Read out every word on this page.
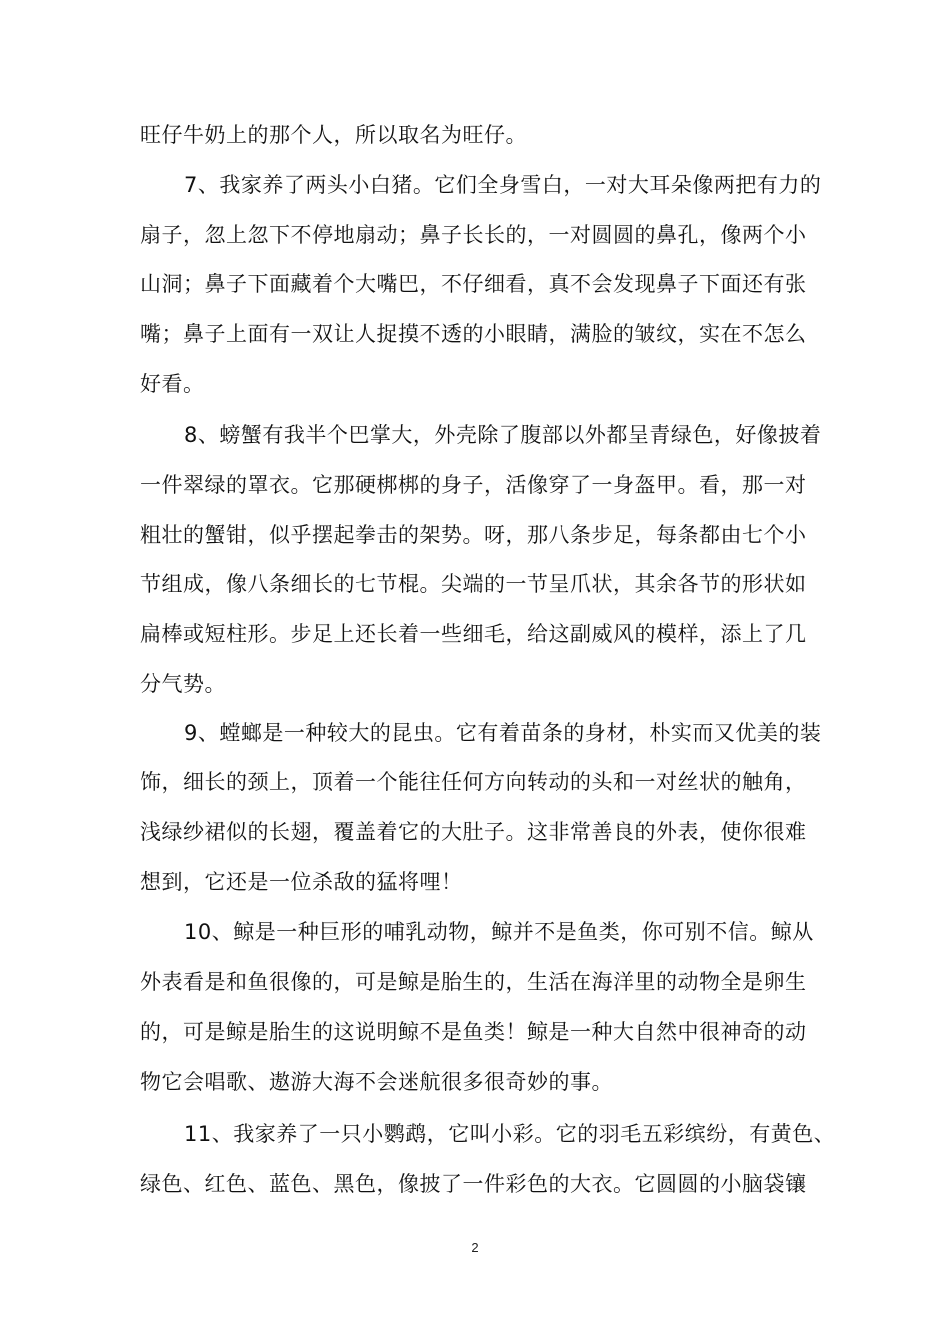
旺仔牛奶上的那个人，所以取名为旺仔。
7、我家养了两头小白猪。它们全身雪白，一对大耳朵像两把有力的
扇子，忽上忽下不停地扇动；鼻子长长的，一对圆圆的鼻孔，像两个小
山洞；鼻子下面藏着个大嘴巴，不仔细看，真不会发现鼻子下面还有张
嘴；鼻子上面有一双让人捉摸不透的小眼睛，满脸的皱纹，实在不怎么
好看。
8、螃蟹有我半个巴掌大，外壳除了腹部以外都呈青绿色，好像披着
一件翠绿的罩衣。它那硬梆梆的身子，活像穿了一身盔甲。看，那一对
粗壮的蟹钳，似乎摆起拳击的架势。呀，那八条步足，每条都由七个小
节组成，像八条细长的七节棍。尖端的一节呈爪状，其余各节的形状如
扁棒或短柱形。步足上还长着一些细毛，给这副威风的模样，添上了几
分气势。
9、螳螂是一种较大的昆虫。它有着苗条的身材，朴实而又优美的装
饰，细长的颈上，顶着一个能往任何方向转动的头和一对丝状的触角，
浅绿纱裙似的长翅，覆盖着它的大肚子。这非常善良的外表，使你很难
想到，它还是一位杀敌的猛将哩！
10、鲸是一种巨形的哺乳动物，鲸并不是鱼类，你可别不信。鲸从
外表看是和鱼很像的，可是鲸是胎生的，生活在海洋里的动物全是卵生
的，可是鲸是胎生的这说明鲸不是鱼类！鲸是一种大自然中很神奇的动
物它会唱歌、遨游大海不会迷航很多很奇妙的事。
11、我家养了一只小鹦鹉，它叫小彩。它的羽毛五彩缤纷，有黄色、
绿色、红色、蓝色、黑色，像披了一件彩色的大衣。它圆圆的小脑袋镶
2
